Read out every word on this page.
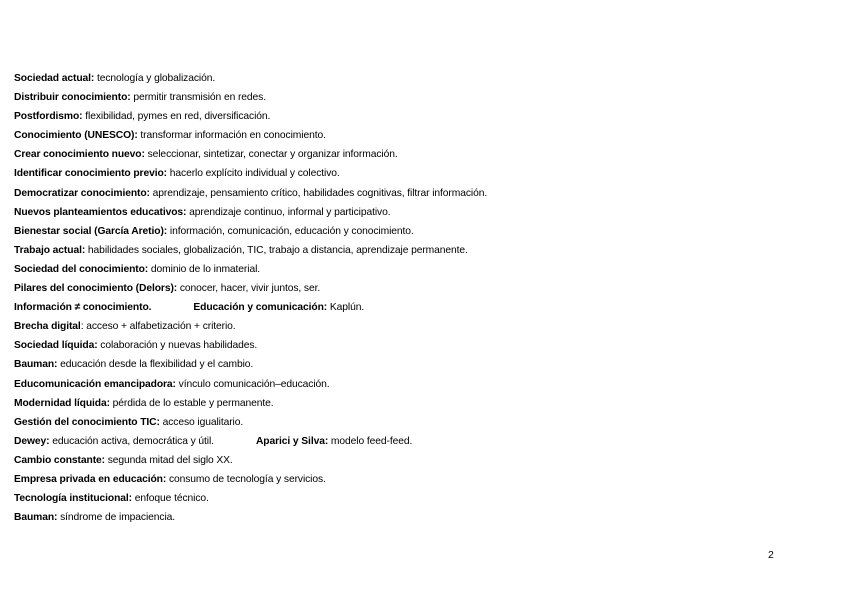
Sociedad actual: tecnología y globalización.
Distribuir conocimiento: permitir transmisión en redes.
Postfordismo: flexibilidad, pymes en red, diversificación.
Conocimiento (UNESCO): transformar información en conocimiento.
Crear conocimiento nuevo: seleccionar, sintetizar, conectar y organizar información.
Identificar conocimiento previo: hacerlo explícito individual y colectivo.
Democratizar conocimiento: aprendizaje, pensamiento crítico, habilidades cognitivas, filtrar información.
Nuevos planteamientos educativos: aprendizaje continuo, informal y participativo.
Bienestar social (García Aretio): información, comunicación, educación y conocimiento.
Trabajo actual: habilidades sociales, globalización, TIC, trabajo a distancia, aprendizaje permanente.
Sociedad del conocimiento: dominio de lo inmaterial.
Pilares del conocimiento (Delors): conocer, hacer, vivir juntos, ser.
Información ≠ conocimiento.	Educación y comunicación: Kaplún.
Brecha digital: acceso + alfabetización + criterio.
Sociedad líquida: colaboración y nuevas habilidades.
Bauman: educación desde la flexibilidad y el cambio.
Educomunicación emancipadora: vínculo comunicación–educación.
Modernidad líquida: pérdida de lo estable y permanente.
Gestión del conocimiento TIC: acceso igualitario.
Dewey: educación activa, democrática y útil.	Aparici y Silva: modelo feed-feed.
Cambio constante: segunda mitad del siglo XX.
Empresa privada en educación: consumo de tecnología y servicios.
Tecnología institucional: enfoque técnico.
Bauman: síndrome de impaciencia.
2
